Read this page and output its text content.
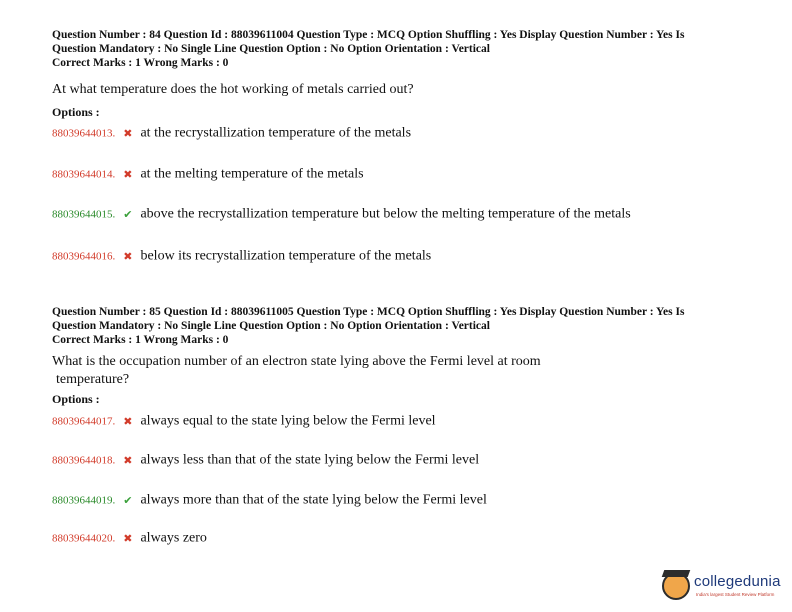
Question Number : 84 Question Id : 88039611004 Question Type : MCQ Option Shuffling : Yes Display Question Number : Yes Is
Question Mandatory : No Single Line Question Option : No Option Orientation : Vertical
Correct Marks : 1 Wrong Marks : 0
At what temperature does the hot working of metals carried out?
Options :
88039644013. ✖ at the recrystallization temperature of the metals
88039644014. ✖ at the melting temperature of the metals
88039644015. ✔ above the recrystallization temperature but below the melting temperature of the metals
88039644016. ✖ below its recrystallization temperature of the metals
Question Number : 85 Question Id : 88039611005 Question Type : MCQ Option Shuffling : Yes Display Question Number : Yes Is
Question Mandatory : No Single Line Question Option : No Option Orientation : Vertical
Correct Marks : 1 Wrong Marks : 0
What is the occupation number of an electron state lying above the Fermi level at room
temperature?
Options :
88039644017. ✖ always equal to the state lying below the Fermi level
88039644018. ✖ always less than that of the state lying below the Fermi level
88039644019. ✔ always more than that of the state lying below the Fermi level
88039644020. ✖ always zero
collegedunia
India's largest Student Review Platform
